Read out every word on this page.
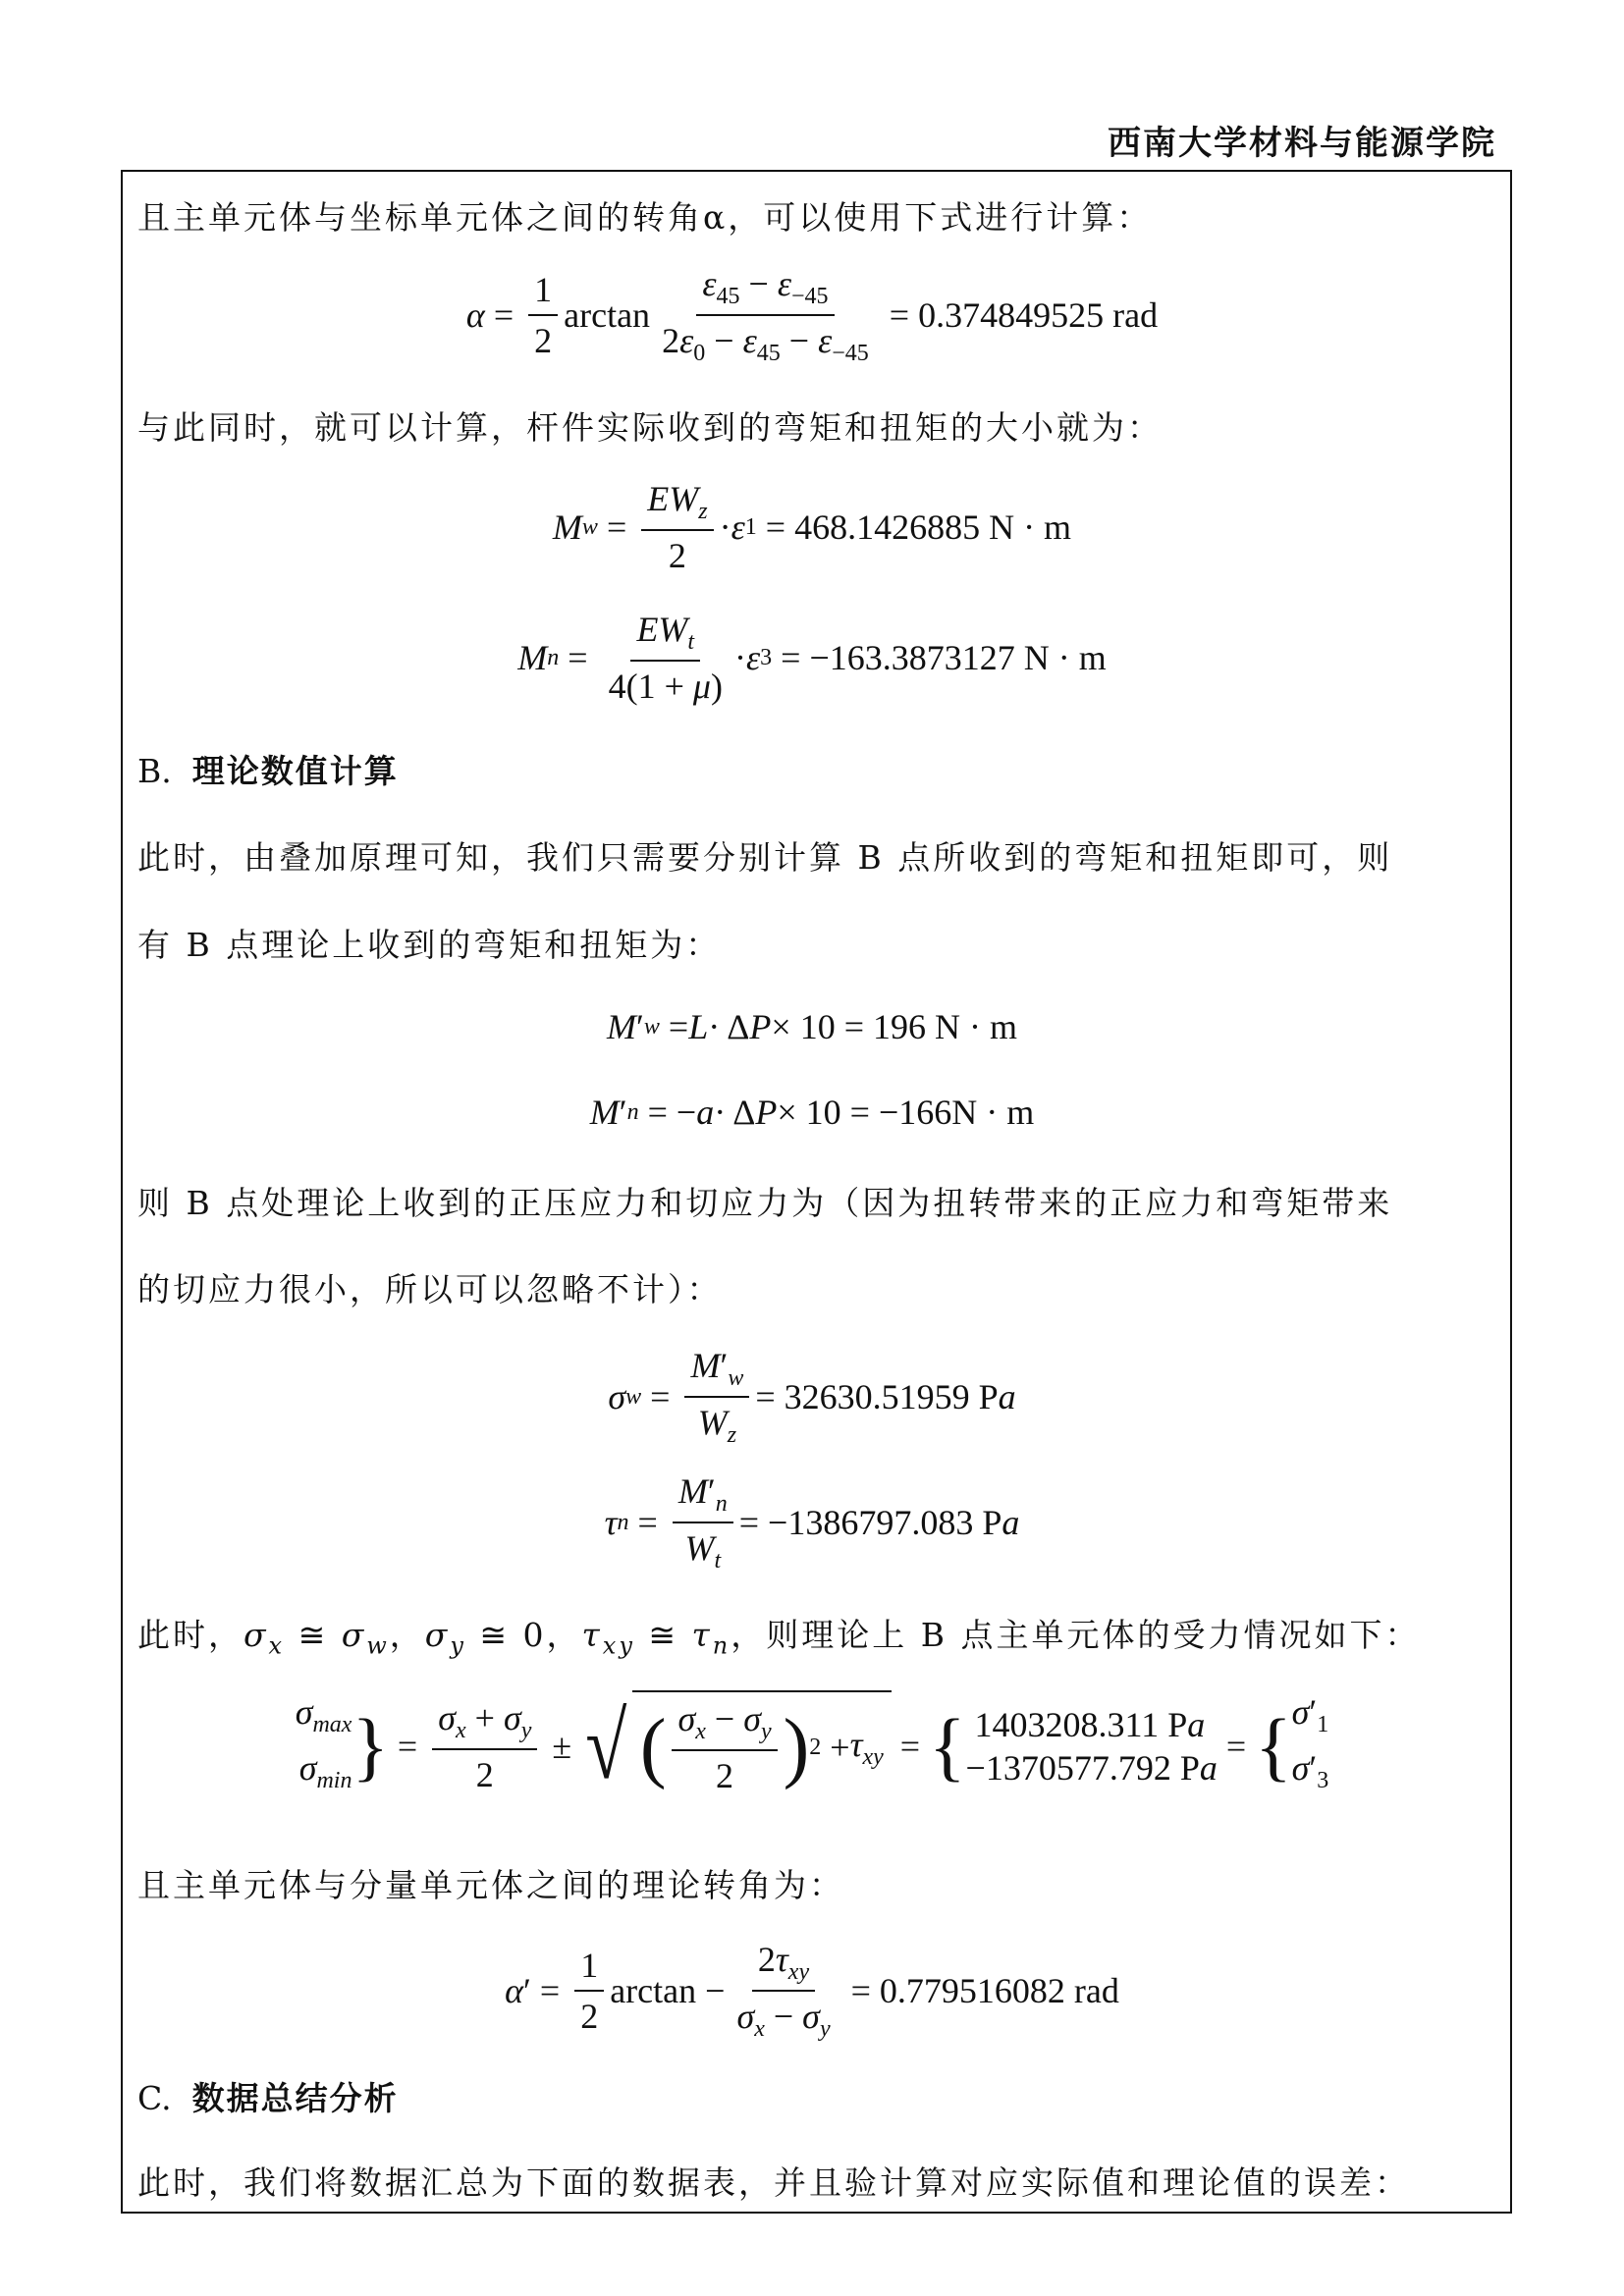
西南大学材料与能源学院
且主单元体与坐标单元体之间的转角α，可以使用下式进行计算：
$\alpha = \frac{1}{2}$ $\arctan \frac{\varepsilon_{45} - \varepsilon_{-45}}{2\varepsilon_0 - \varepsilon_{45} - \varepsilon_{-45}} = 0.374849525$ rad
与此同时，就可以计算，杆件实际收到的弯矩和扭矩的大小就为：
M $w = \frac{EW_z}{2} \cdot \varepsilon$ 1 = 468.1426885 N · m
M $n = \frac{EW_t}{4(1 + \mu)} \cdot \varepsilon$ 3 = −163.3873127 N · m
B. 理论数值计算
此时，由叠加原理可知，我们只需要分别计算 B 点所收到的弯矩和扭矩即可，则
有 B 点理论上收到的弯矩和扭矩为：
M ′ w = L · Δ P × 10 = 196 N · m
M ′ n = − a · Δ P × 10 = −166N · m
则 B 点处理论上收到的正压应力和切应力为（因为扭转带来的正应力和弯矩带来
的切应力很小，所以可以忽略不计）：
σ $w = \frac{M'_w}{W_z} = 32630.51959$ P a
τ $n = \frac{M'_n}{W_t} = -1386797.083$ P a
此时，$\sigma_x$ ≅ $\sigma_w$，$\sigma_y$ ≅ 0，$\tau_{xy}$ ≅ $\tau_n$，则理论上 B 点主单元体的受力情况如下：
$\sigma_{max}$
$\sigma_{min}$ } = $\frac{\sigma_x + \sigma_y}{2}$ ± √ ( $\frac{\sigma_x - \sigma_y}{2}$ ) $2 + \tau_{xy}$ = { 1403208.311 Pa
−1370577.792 Pa
= { $\sigma'_1$
$\sigma'_3$
且主单元体与分量单元体之间的理论转角为：
α ′ = $\frac{1}{2}$ $\arctan - \frac{2\tau_{xy}}{\sigma_x - \sigma_y} = 0.779516082$ rad
C. 数据总结分析
此时，我们将数据汇总为下面的数据表，并且验计算对应实际值和理论值的误差：
